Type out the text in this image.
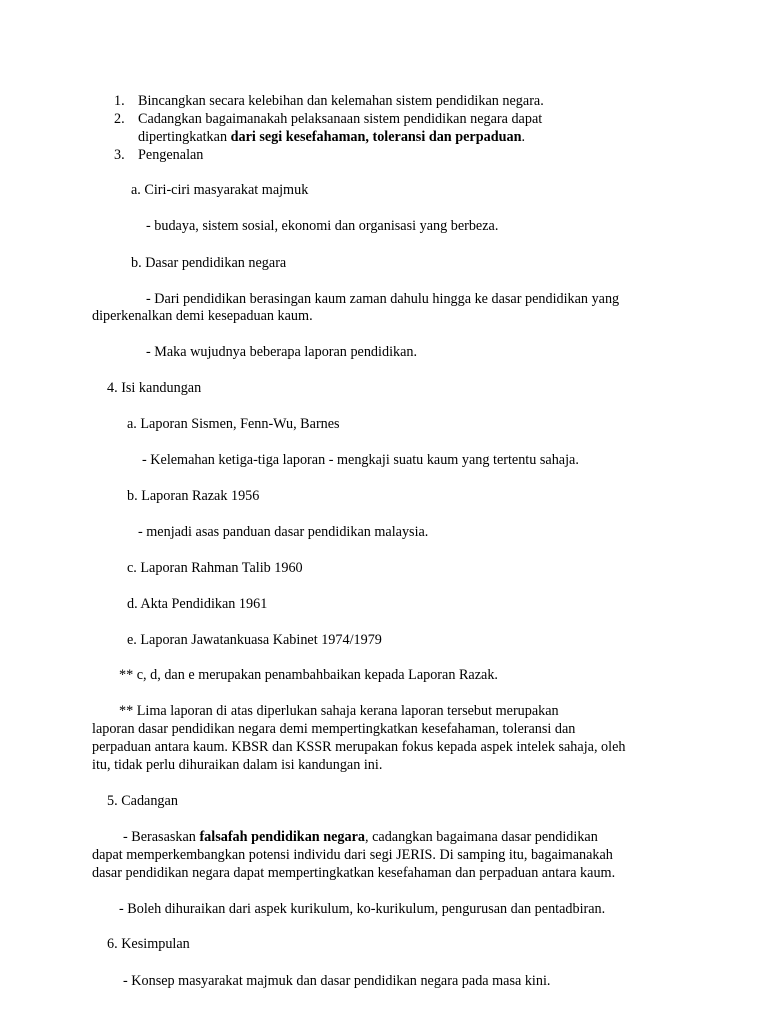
1. Bincangkan secara kelebihan dan kelemahan sistem pendidikan negara.
2. Cadangkan bagaimanakah pelaksanaan sistem pendidikan negara dapat
dipertingkatkan dari segi kesefahaman, toleransi dan perpaduan.
3. Pengenalan
a. Ciri-ciri masyarakat majmuk
- budaya, sistem sosial, ekonomi dan organisasi yang berbeza.
b. Dasar pendidikan negara
- Dari pendidikan berasingan kaum zaman dahulu hingga ke dasar pendidikan yang
diperkenalkan demi kesepaduan kaum.
- Maka wujudnya beberapa laporan pendidikan.
4. Isi kandungan
a. Laporan Sismen, Fenn-Wu, Barnes
- Kelemahan ketiga-tiga laporan - mengkaji suatu kaum yang tertentu sahaja.
b. Laporan Razak 1956
- menjadi asas panduan dasar pendidikan malaysia.
c. Laporan Rahman Talib 1960
d. Akta Pendidikan 1961
e. Laporan Jawatankuasa Kabinet 1974/1979
** c, d, dan e merupakan penambahbaikan kepada Laporan Razak.
** Lima laporan di atas diperlukan sahaja kerana laporan tersebut merupakan
laporan dasar pendidikan negara demi mempertingkatkan kesefahaman, toleransi dan
perpaduan antara kaum. KBSR dan KSSR merupakan fokus kepada aspek intelek sahaja, oleh
itu, tidak perlu dihuraikan dalam isi kandungan ini.
5. Cadangan
- Berasaskan falsafah pendidikan negara, cadangkan bagaimana dasar pendidikan
dapat memperkembangkan potensi individu dari segi JERIS. Di samping itu, bagaimanakah
dasar pendidikan negara dapat mempertingkatkan kesefahaman dan perpaduan antara kaum.
- Boleh dihuraikan dari aspek kurikulum, ko-kurikulum, pengurusan dan pentadbiran.
6. Kesimpulan
- Konsep masyarakat majmuk dan dasar pendidikan negara pada masa kini.
